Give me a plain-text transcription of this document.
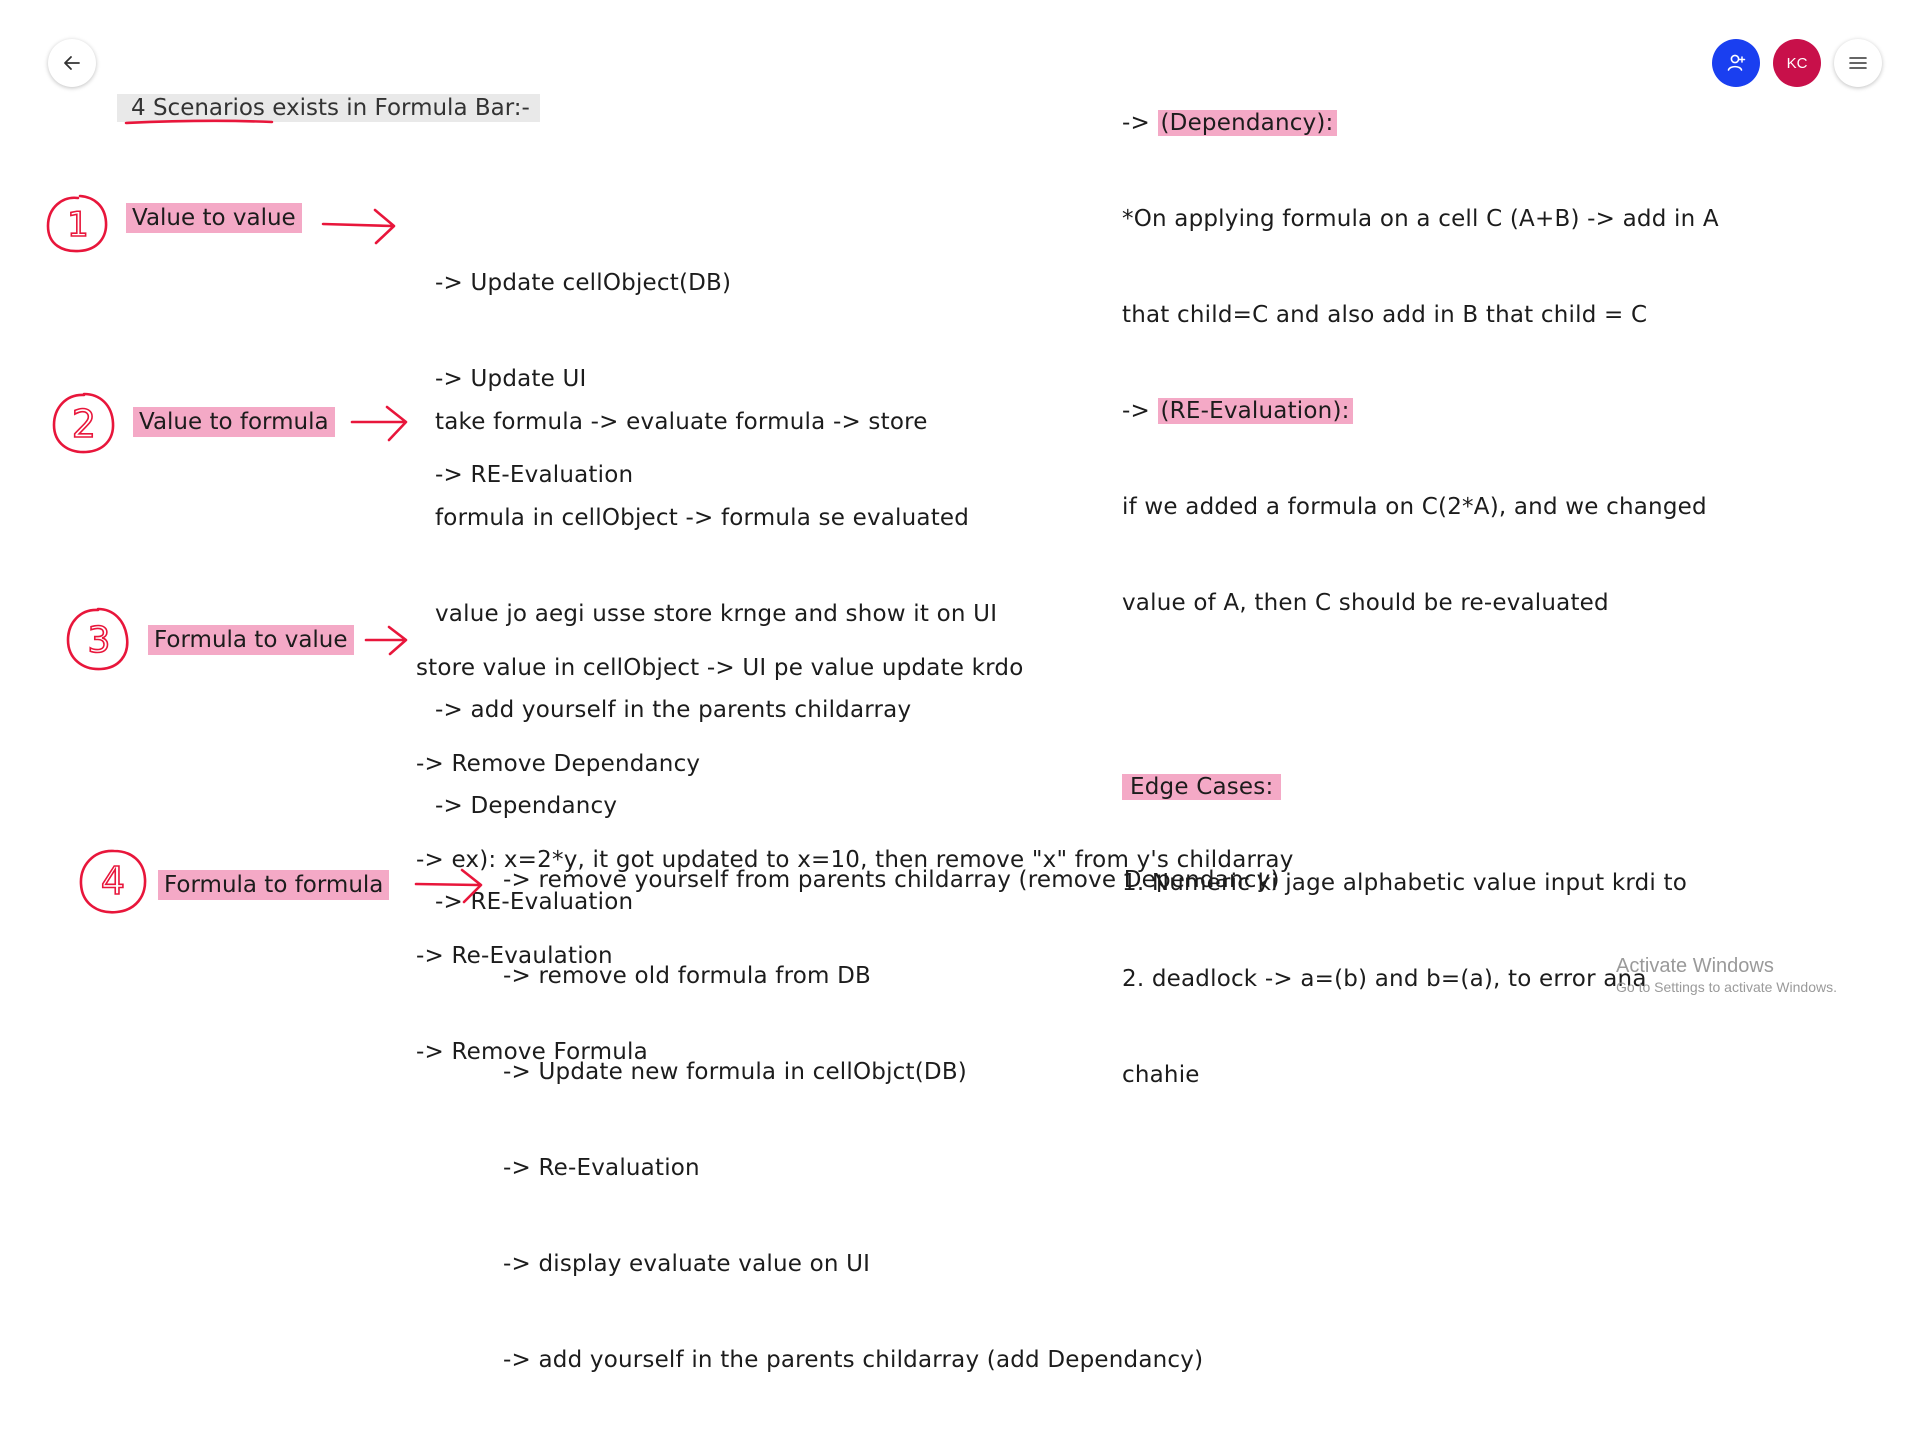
KC
4 Scenarios exists in Formula Bar:-
Value to value
Value to formula
Formula to value
Formula to formula

-> Update cellObject(DB)

-> Update UI

-> RE-Evaluation

take formula -> evaluate formula -> store

formula in cellObject -> formula se evaluated

value jo aegi usse store krnge and show it on UI

-> add yourself in the parents childarray

-> Dependancy

-> RE-Evaluation

store value in cellObject -> UI pe value update krdo

-> Remove Dependancy

-> ex): x=2*y, it got updated to x=10, then remove "x" from y's childarray

-> Re-Evaulation

-> Remove Formula

-> remove yourself from parents childarray (remove Dependancy)

-> remove old formula from DB

-> Update new formula in cellObjct(DB)

-> Re-Evaluation

-> display evaluate value on UI

-> add yourself in the parents childarray (add Dependancy)

-> (Dependancy):

*On applying formula on a cell C (A+B) -> add in A

that child=C and also add in B that child = C

-> (RE-Evaluation):

if we added a formula on C(2*A), and we changed

value of A, then C should be re-evaluated

Edge Cases:

1. Numeric ki jage alphabetic value input krdi to

2. deadlock -> a=(b) and b=(a), to error ana

chahie

1
2
3
4
Activate Windows
Go to Settings to activate Windows.
